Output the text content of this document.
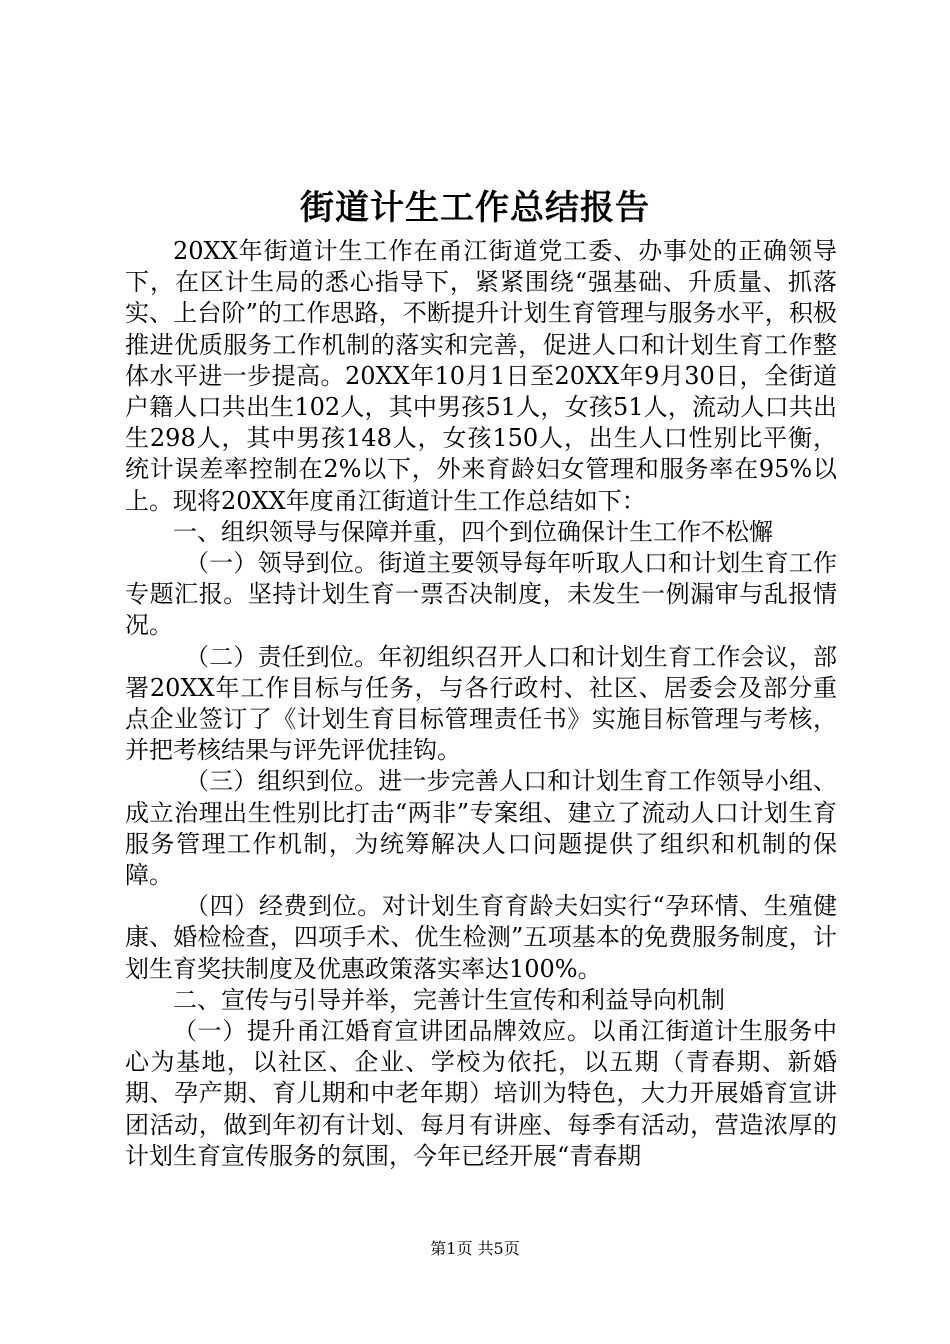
街道计生工作总结报告

20XX年街道计生工作在甬江街道党工委、办事处的正确领导下，在区计生局的悉心指导下，紧紧围绕“强基础、升质量、抓落实、上台阶”的工作思路，不断提升计划生育管理与服务水平，积极推进优质服务工作机制的落实和完善，促进人口和计划生育工作整体水平进一步提高。20XX年10月1日至20XX年9月30日，全街道户籍人口共出生102人，其中男孩51人，女孩51人，流动人口共出生298人，其中男孩148人，女孩150人，出生人口性别比平衡，统计误差率控制在2%以下，外来育龄妇女管理和服务率在95%以上。现将20XX年度甬江街道计生工作总结如下：

一、组织领导与保障并重，四个到位确保计生工作不松懈

（一）领导到位。街道主要领导每年听取人口和计划生育工作专题汇报。坚持计划生育一票否决制度，未发生一例漏审与乱报情况。

（二）责任到位。年初组织召开人口和计划生育工作会议，部署20XX年工作目标与任务，与各行政村、社区、居委会及部分重点企业签订了《计划生育目标管理责任书》实施目标管理与考核，并把考核结果与评先评优挂钩。

（三）组织到位。进一步完善人口和计划生育工作领导小组、成立治理出生性别比打击“两非”专案组、建立了流动人口计划生育服务管理工作机制，为统筹解决人口问题提供了组织和机制的保障。

（四）经费到位。对计划生育育龄夫妇实行“孕环情、生殖健康、婚检检查，四项手术、优生检测”五项基本的免费服务制度，计划生育奖扶制度及优惠政策落实率达100%。

二、宣传与引导并举，完善计生宣传和利益导向机制

（一）提升甬江婚育宣讲团品牌效应。以甬江街道计生服务中心为基地，以社区、企业、学校为依托，以五期（青春期、新婚期、孕产期、育儿期和中老年期）培训为特色，大力开展婚育宣讲团活动，做到年初有计划、每月有讲座、每季有活动，营造浓厚的计划生育宣传服务的氛围，今年已经开展“青春期

第1页 共5页
